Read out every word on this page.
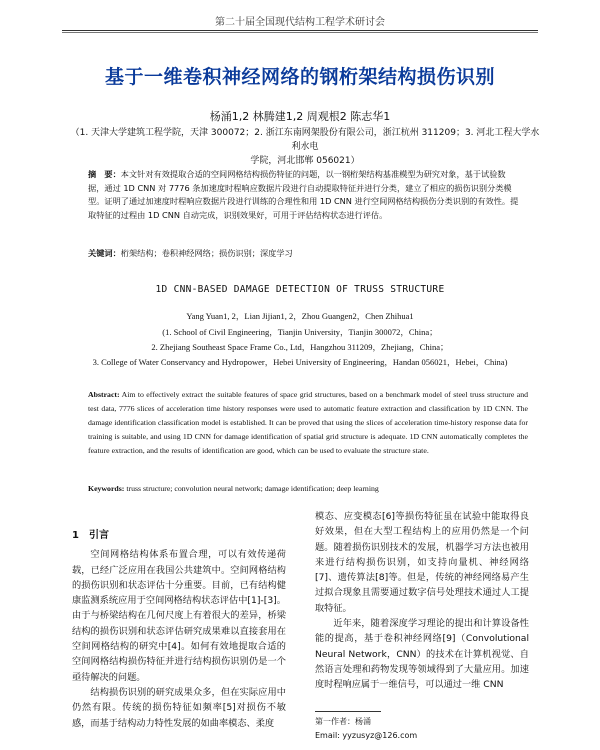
第二十届全国现代结构工程学术研讨会
基于一维卷积神经网络的钢桁架结构损伤识别
杨涌1,2 林腾建1,2 周观根2 陈志华1
（1. 天津大学建筑工程学院，天津 300072；2. 浙江东南网架股份有限公司，浙江杭州 311209；3. 河北工程大学水利水电
学院，河北邯郸 056021）
摘　要：本文针对有效提取合适的空间网格结构损伤特征的问题，以一钢桁架结构基准模型为研究对象，基于试验数据，通过 1D CNN 对 7776 条加速度时程响应数据片段进行自动提取特征并进行分类，建立了相应的损伤识别分类模型。证明了通过加速度时程响应数据片段进行训练的合理性和用 1D CNN 进行空间网格结构损伤分类识别的有效性。提取特征的过程由 1D CNN 自动完成，识别效果好，可用于评估结构状态进行评估。
关键词：桁架结构；卷积神经网络；损伤识别；深度学习
1D CNN-BASED DAMAGE DETECTION OF TRUSS STRUCTURE
Yang Yuan1, 2，Lian Jijian1, 2，Zhou Guangen2，Chen Zhihua1
(1. School of Civil Engineering，Tianjin University，Tianjin 300072，China；
2. Zhejiang Southeast Space Frame Co., Ltd，Hangzhou 311209，Zhejiang，China；
3. College of Water Conservancy and Hydropower，Hebei University of Engineering，Handan 056021，Hebei，China)
Abstract: Aim to effectively extract the suitable features of space grid structures, based on a benchmark model of steel truss structure and test data, 7776 slices of acceleration time history responses were used to automatic feature extraction and classification by 1D CNN. The damage identification classification model is established. It can be proved that using the slices of acceleration time-history response data for training is suitable, and using 1D CNN for damage identification of spatial grid structure is adequate. 1D CNN automatically completes the feature extraction, and the results of identification are good, which can be used to evaluate the structure state.
Keywords: truss structure; convolution neural network; damage identification; deep learning
1　引言

空间网格结构体系布置合理，可以有效传递荷载，已经广泛应用在我国公共建筑中。空间网格结构的损伤识别和状态评估十分重要。目前，已有结构健康监测系统应用于空间网格结构状态评估中[1]-[3]。由于与桥梁结构在几何尺度上有着很大的差异，桥梁结构的损伤识别和状态评估研究成果难以直接套用在空间网格结构的研究中[4]。如何有效地提取合适的空间网格结构损伤特征并进行结构损伤识别仍是一个亟待解决的问题。

结构损伤识别的研究成果众多，但在实际应用中仍然有限。传统的损伤特征如频率[5]对损伤不敏感，而基于结构动力特性发展的如曲率模态、柔度

模态、应变模态[6]等损伤特征虽在试验中能取得良好效果，但在大型工程结构上的应用仍然是一个问题。随着损伤识别技术的发展，机器学习方法也被用来进行结构损伤识别，如支持向量机、神经网络[7]、遗传算法[8]等。但是，传统的神经网络易产生过拟合现象且需要通过数字信号处理技术通过人工提取特征。

近年来，随着深度学习理论的提出和计算设备性能的提高，基于卷积神经网络[9]（Convolutional Neural Network，CNN）的技术在计算机视觉、自然语言处理和药物发现等领域得到了大量应用。加速度时程响应属于一维信号，可以通过一维 CNN

第一作者：杨涌
Email: yyzusyz@126.com
